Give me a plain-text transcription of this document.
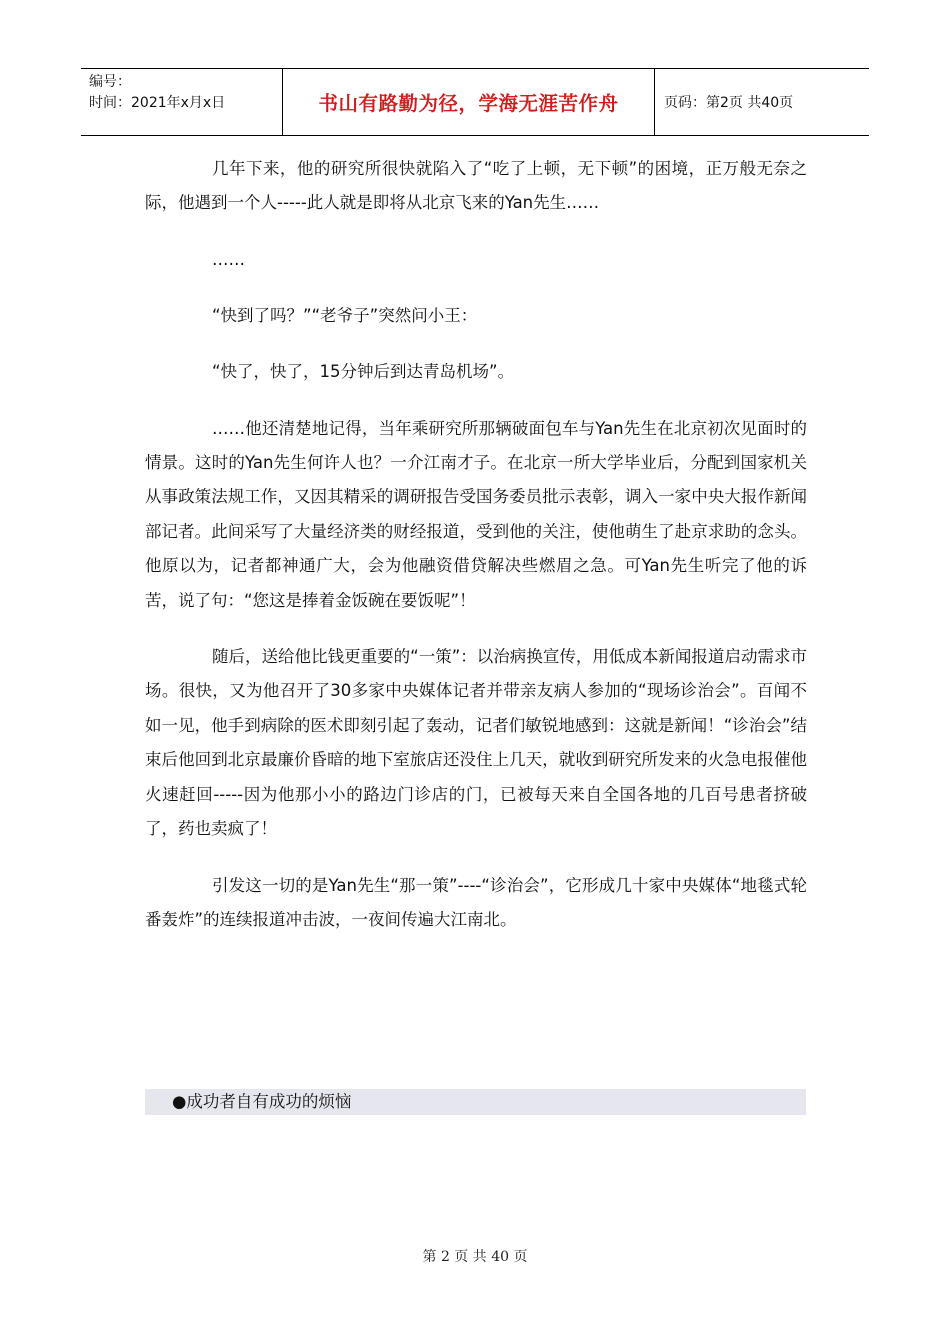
编号：
时间：2021年x月x日	书山有路勤为径，学海无涯苦作舟	页码：第2页 共40页

几年下来，他的研究所很快就陷入了“吃了上顿，无下顿”的困境，正万般无奈之际，他遇到一个人-----此人就是即将从北京飞来的Yan先生……

……

“快到了吗？”“老爷子”突然问小王：

“快了，快了，15分钟后到达青岛机场”。

……他还清楚地记得，当年乘研究所那辆破面包车与Yan先生在北京初次见面时的情景。这时的Yan先生何许人也？一介江南才子。在北京一所大学毕业后，分配到国家机关从事政策法规工作，又因其精采的调研报告受国务委员批示表彰，调入一家中央大报作新闻部记者。此间采写了大量经济类的财经报道，受到他的关注，使他萌生了赴京求助的念头。他原以为，记者都神通广大，会为他融资借贷解决些燃眉之急。可Yan先生听完了他的诉苦，说了句：“您这是捧着金饭碗在要饭呢”！

随后，送给他比钱更重要的“一策”：以治病换宣传，用低成本新闻报道启动需求市场。很快，又为他召开了30多家中央媒体记者并带亲友病人参加的“现场诊治会”。百闻不如一见，他手到病除的医术即刻引起了轰动，记者们敏锐地感到：这就是新闻！“诊治会”结束后他回到北京最廉价昏暗的地下室旅店还没住上几天，就收到研究所发来的火急电报催他火速赶回-----因为他那小小的路边门诊店的门，已被每天来自全国各地的几百号患者挤破了，药也卖疯了！

引发这一切的是Yan先生“那一策”----“诊治会”，它形成几十家中央媒体“地毯式轮番轰炸”的连续报道冲击波，一夜间传遍大江南北。

●成功者自有成功的烦恼
第 2 页 共 40 页
